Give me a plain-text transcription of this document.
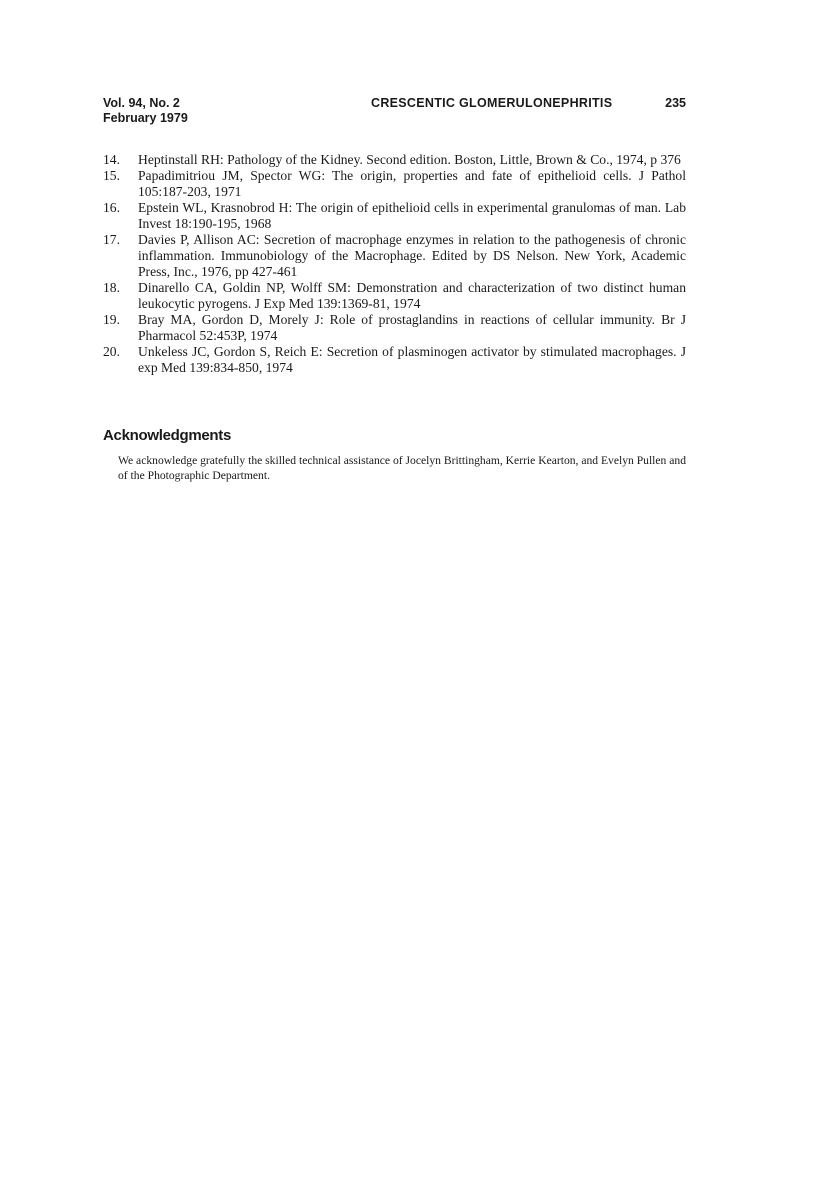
Vol. 94, No. 2
February 1979
CRESCENTIC GLOMERULONEPHRITIS	235
14. Heptinstall RH: Pathology of the Kidney. Second edition. Boston, Little, Brown & Co., 1974, p 376
15. Papadimitriou JM, Spector WG: The origin, properties and fate of epithelioid cells. J Pathol 105:187-203, 1971
16. Epstein WL, Krasnobrod H: The origin of epithelioid cells in experimental granulomas of man. Lab Invest 18:190-195, 1968
17. Davies P, Allison AC: Secretion of macrophage enzymes in relation to the pathogenesis of chronic inflammation. Immunobiology of the Macrophage. Edited by DS Nelson. New York, Academic Press, Inc., 1976, pp 427-461
18. Dinarello CA, Goldin NP, Wolff SM: Demonstration and characterization of two distinct human leukocytic pyrogens. J Exp Med 139:1369-81, 1974
19. Bray MA, Gordon D, Morely J: Role of prostaglandins in reactions of cellular immunity. Br J Pharmacol 52:453P, 1974
20. Unkeless JC, Gordon S, Reich E: Secretion of plasminogen activator by stimulated macrophages. J exp Med 139:834-850, 1974
Acknowledgments
We acknowledge gratefully the skilled technical assistance of Jocelyn Brittingham, Kerrie Kearton, and Evelyn Pullen and of the Photographic Department.
